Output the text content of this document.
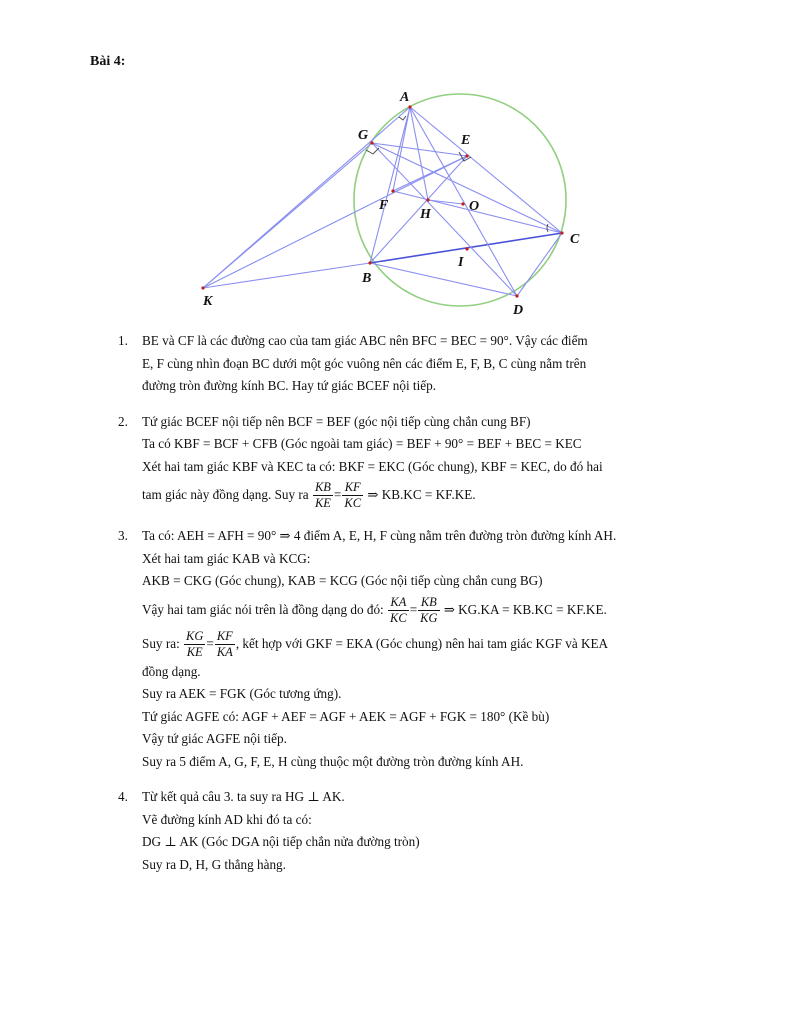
Bài 4:
A
G	E
F
H
O
C
I
B
K
D
1.	BE và CF là các đường cao của tam giác ABC nên BFC = BEC = 90°. Vậy các điểm
E, F cùng nhìn đoạn BC dưới một góc vuông nên các điểm E, F, B, C cùng nằm trên
đường tròn đường kính BC. Hay tứ giác BCEF nội tiếp.
2.	Tứ giác BCEF nội tiếp nên BCF = BEF (góc nội tiếp cùng chắn cung BF)
Ta có KBF = BCF + CFB (Góc ngoài tam giác) = BEF + 90° = BEF + BEC = KEC
Xét hai tam giác KBF và KEC ta có: BKF = EKC (Góc chung), KBF = KEC, do đó hai
tam giác này đồng dạng. Suy ra $\frac{KB}{KE} = \frac{KF}{KC}$ ⇒ KB.KC = KF.KE.
3.	Ta có: AEH = AFH = 90° ⇒ 4 điểm A, E, H, F cùng nằm trên đường tròn đường kính AH.
Xét hai tam giác KAB và KCG:
AKB = CKG (Góc chung), KAB = KCG (Góc nội tiếp cùng chắn cung BG)
Vậy hai tam giác nói trên là đồng dạng do đó: $\frac{KA}{KC} = \frac{KB}{KG}$ ⇒ KG.KA = KB.KC = KF.KE.
Suy ra: $\frac{KG}{KE} = \frac{KF}{KA}$ , kết hợp với GKF = EKA (Góc chung) nên hai tam giác KGF và KEA
đồng dạng.
Suy ra AEK = FGK (Góc tương ứng).
Tứ giác AGFE có: AGF + AEF = AGF + AEK = AGF + FGK = 180° (Kề bù)
Vậy tứ giác AGFE nội tiếp.
Suy ra 5 điểm A, G, F, E, H cùng thuộc một đường tròn đường kính AH.
4.	Từ kết quả câu 3. ta suy ra HG ⊥ AK.
Vẽ đường kính AD khi đó ta có:
DG ⊥ AK (Góc DGA nội tiếp chắn nửa đường tròn)
Suy ra D, H, G thẳng hàng.
